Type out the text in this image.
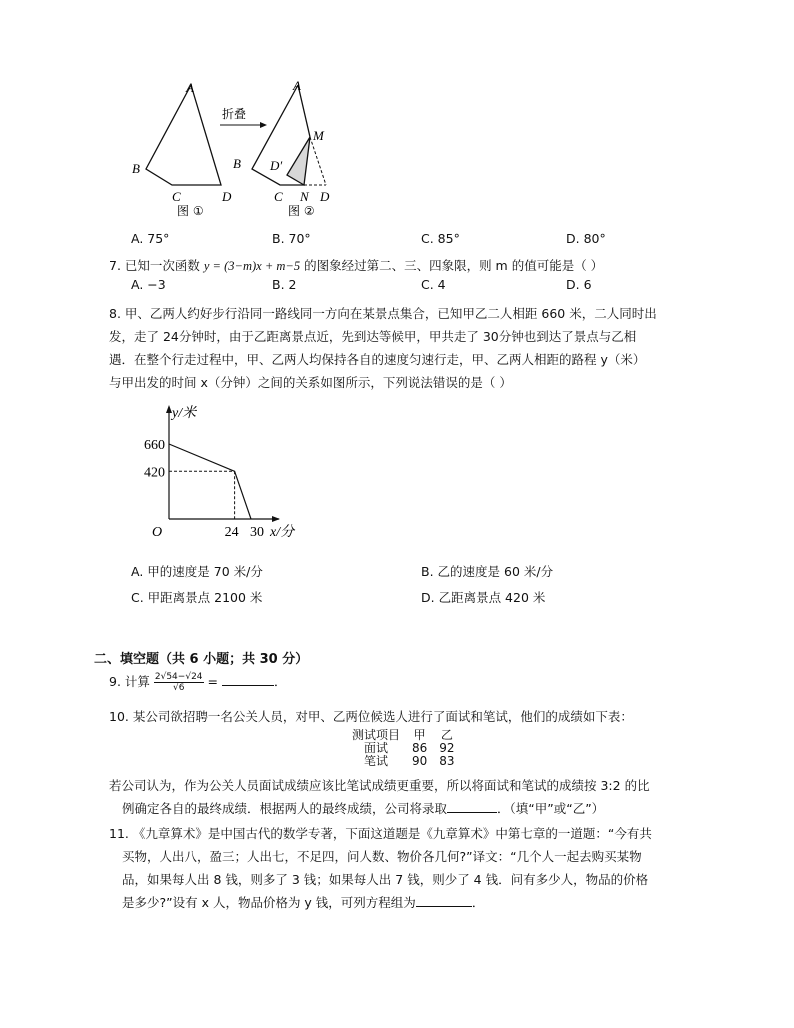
A
B
C	D
图 ①
折叠
A
M
B D′
C N D
图 ②
A. 75°	B. 70°	C. 85°	D. 80°
7. 已知一次函数 y = (3−m)x + m−5 的图象经过第二、三、四象限，则 m 的值可能是（ ）
A. −3	B. 2	C. 4	D. 6
8. 甲、乙两人约好步行沿同一路线同一方向在某景点集合，已知甲乙二人相距 660 米，二人同时出
发，走了 24分钟时，由于乙距离景点近，先到达等候甲，甲共走了 30分钟也到达了景点与乙相
遇．在整个行走过程中，甲、乙两人均保持各自的速度匀速行走，甲、乙两人相距的路程 y（米）
与甲出发的时间 x（分钟）之间的关系如图所示，下列说法错误的是（ ）
660
420
24 30
y/米
x/分
O
A. 甲的速度是 70 米/分	B. 乙的速度是 60 米/分
C. 甲距离景点 2100 米	D. 乙距离景点 420 米
二、填空题（共 6 小题；共 30 分）
9. 计算 $\frac{2√54-√24}{√6}$ =	．
10. 某公司欲招聘一名公关人员，对甲、乙两位候选人进行了面试和笔试，他们的成绩如下表：
测试项目	甲	乙
面试	86	92
笔试	90	83
若公司认为，作为公关人员面试成绩应该比笔试成绩更重要，所以将面试和笔试的成绩按 3:2 的比
例确定各自的最终成绩．根据两人的最终成绩，公司将录取	．（填“甲”或“乙”）
11. 《九章算术》是中国古代的数学专著，下面这道题是《九章算术》中第七章的一道题：“今有共
买物，人出八，盈三；人出七，不足四，问人数、物价各几何?”译文：“几个人一起去购买某物
品，如果每人出 8 钱，则多了 3 钱；如果每人出 7 钱，则少了 4 钱．问有多少人，物品的价格
是多少?”设有 x 人，物品价格为 y 钱，可列方程组为	．
